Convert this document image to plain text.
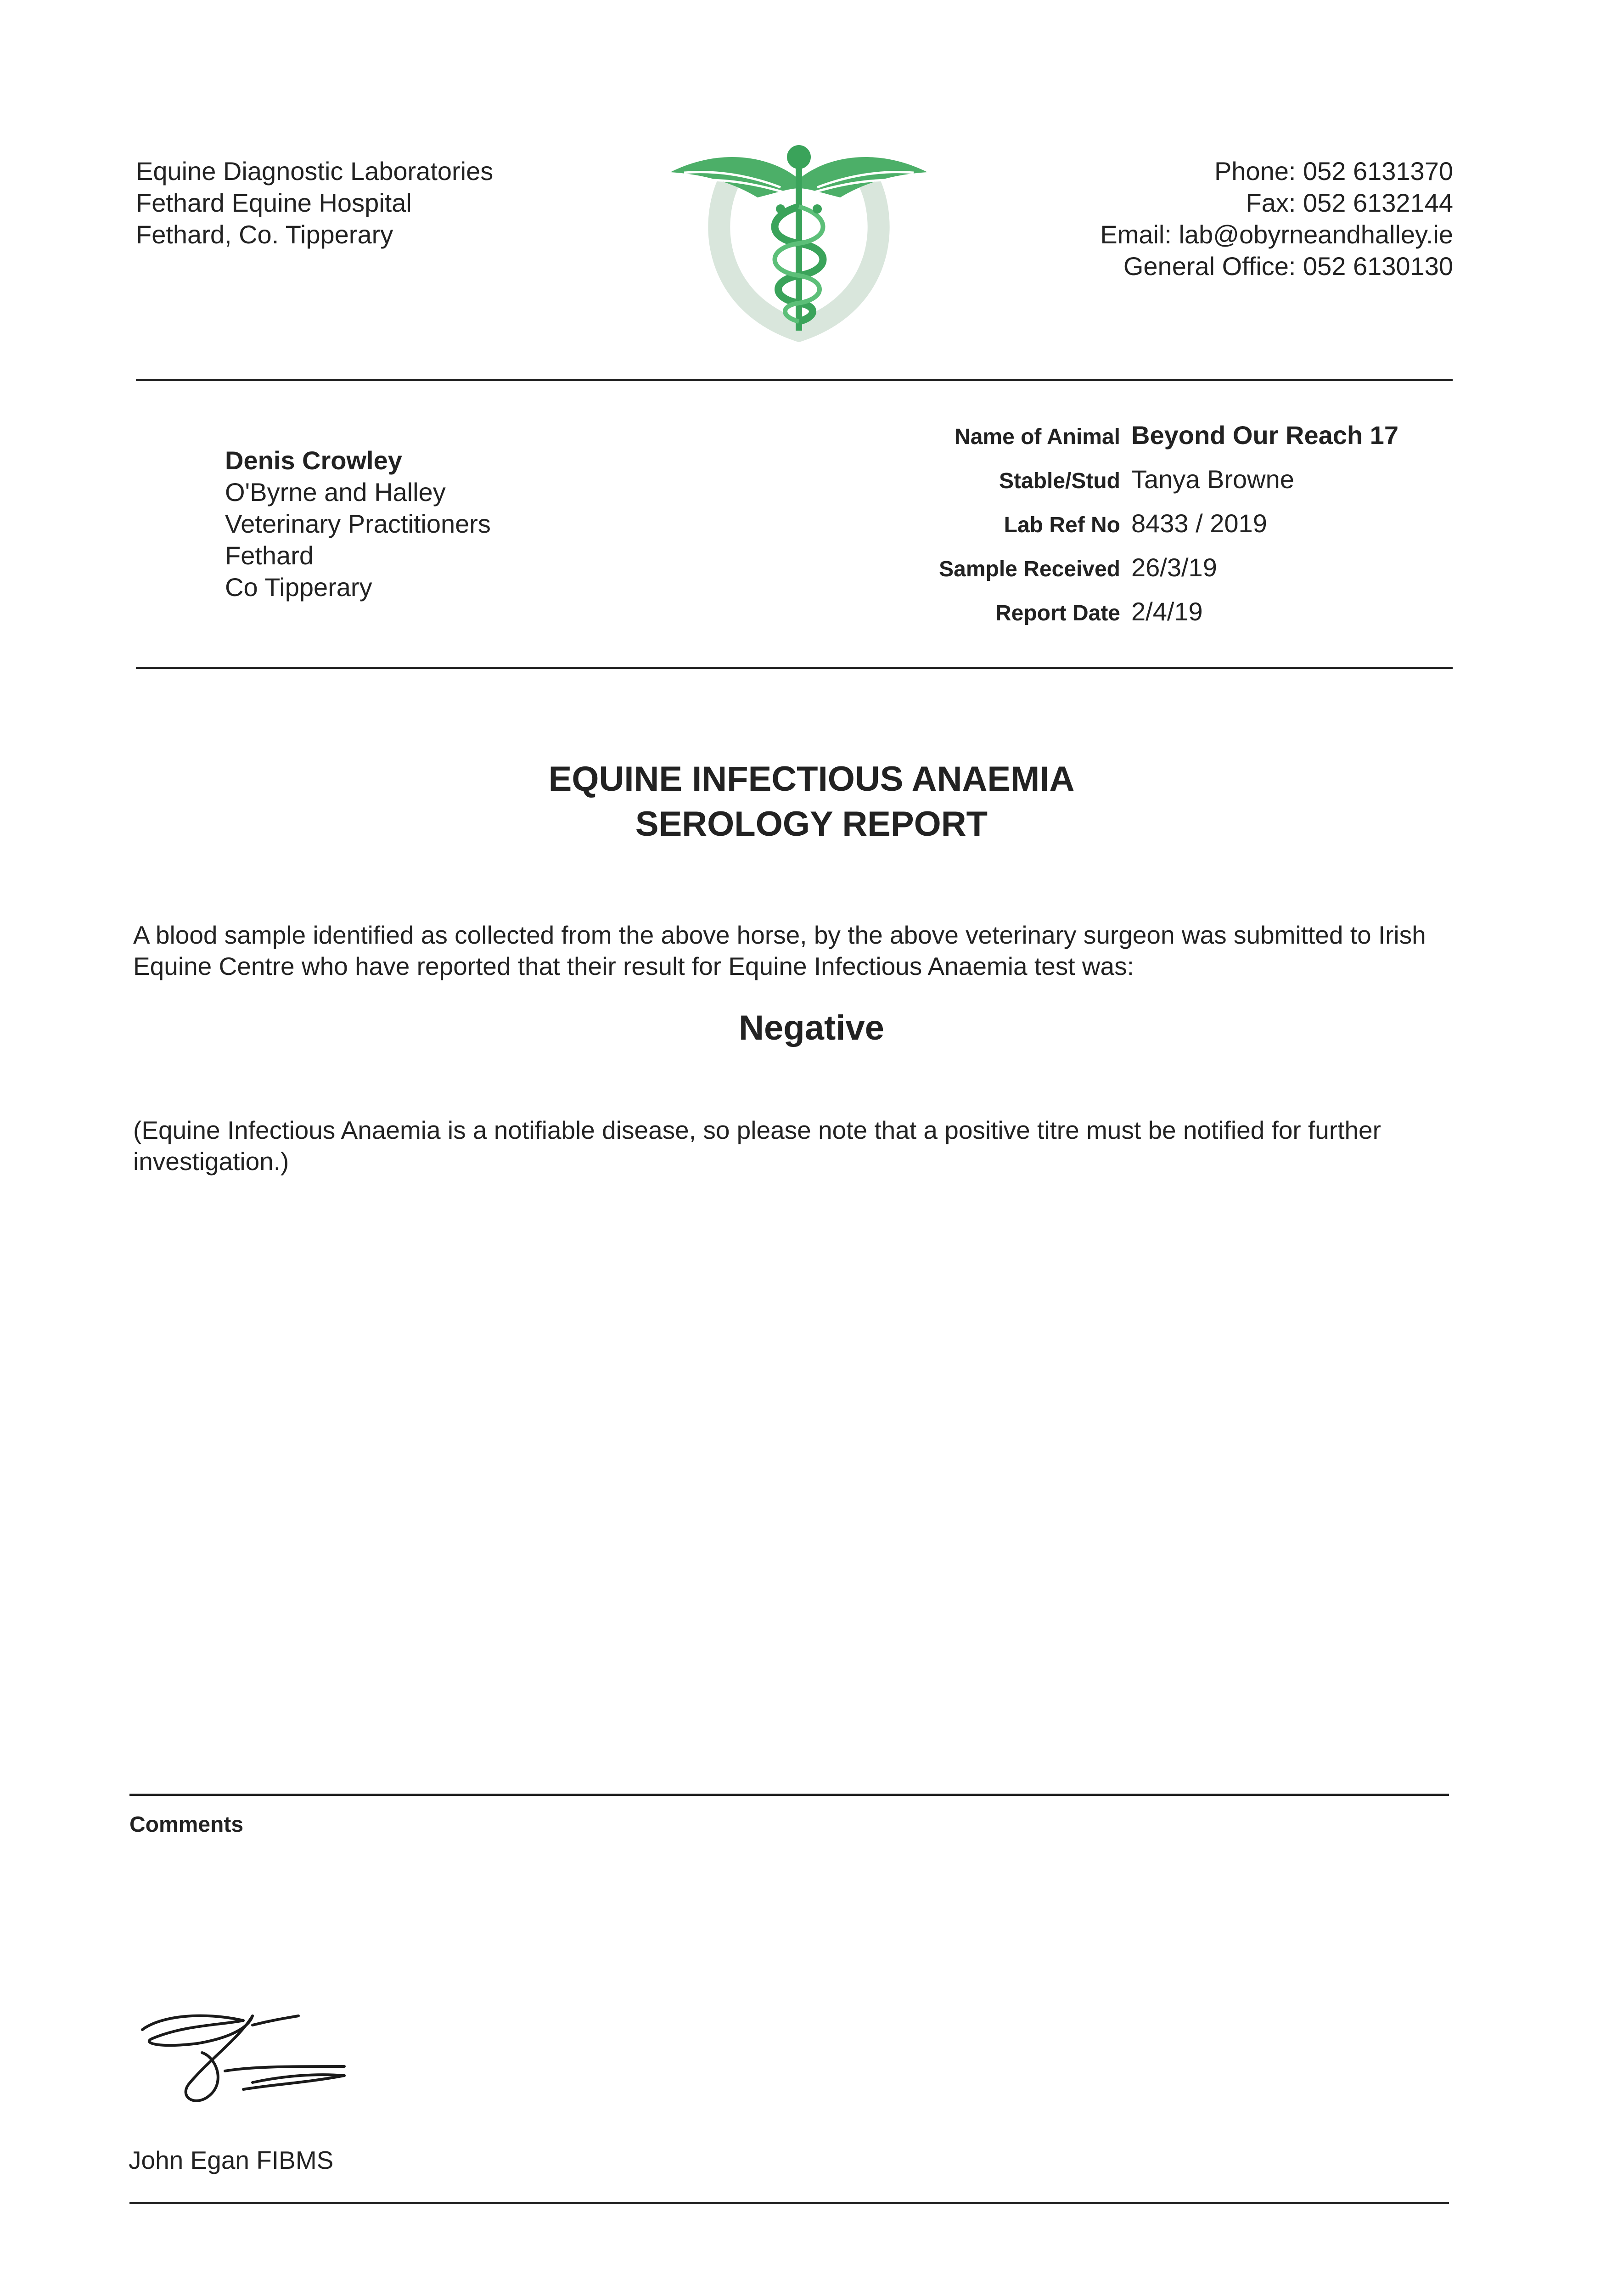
Equine Diagnostic Laboratories
Fethard Equine Hospital
Fethard, Co. Tipperary
Phone: 052 6131370
Fax: 052 6132144
Email: lab@obyrneandhalley.ie
General Office: 052 6130130
Denis Crowley
O'Byrne and Halley
Veterinary Practitioners
Fethard
Co Tipperary
Name of Animal Beyond Our Reach 17
Stable/Stud Tanya Browne
Lab Ref No 8433 / 2019
Sample Received 26/3/19
Report Date 2/4/19
EQUINE INFECTIOUS ANAEMIA
SEROLOGY REPORT
A blood sample identified as collected from the above horse, by the above veterinary surgeon was submitted to Irish Equine Centre who have reported that their result for Equine Infectious Anaemia test was:
Negative
(Equine Infectious Anaemia is a notifiable disease, so please note that a positive titre must be notified for further investigation.)
Comments
John Egan FIBMS
